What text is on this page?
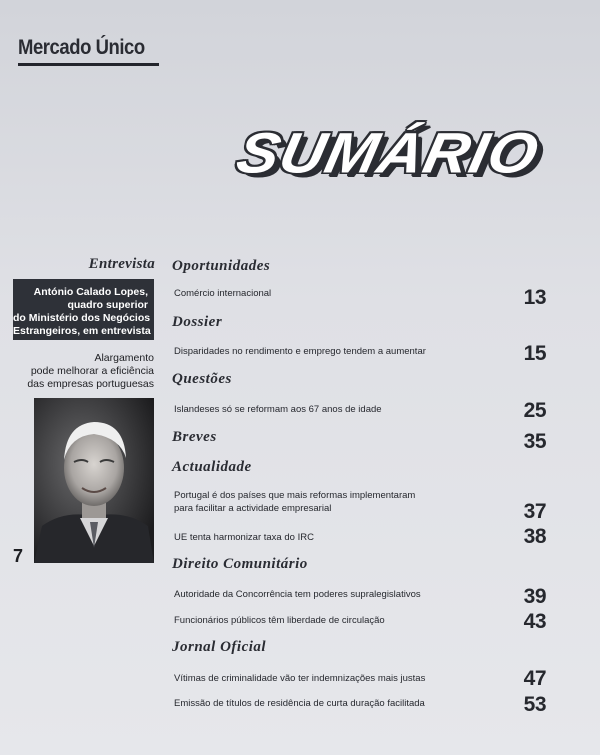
Mercado Único
SUMÁRIO
Entrevista
António Calado Lopes,
quadro superior
do Ministério dos Negócios
Estrangeiros, em entrevista
Alargamento
pode melhorar a eficiência
das empresas portuguesas
7
Oportunidades
Comércio internacional	13
Dossier
Disparidades no rendimento e emprego tendem a aumentar	15
Questões
Islandeses só se reformam aos 67 anos de idade	25
Breves	35
Actualidade
Portugal é dos países que mais reformas implementaram
para facilitar a actividade empresarial	37
UE tenta harmonizar taxa do IRC	38
Direito Comunitário
Autoridade da Concorrência tem poderes supralegislativos	39
Funcionários públicos têm liberdade de circulação	43
Jornal Oficial
Vítimas de criminalidade vão ter indemnizações mais justas	47
Emissão de títulos de residência de curta duração facilitada	53
